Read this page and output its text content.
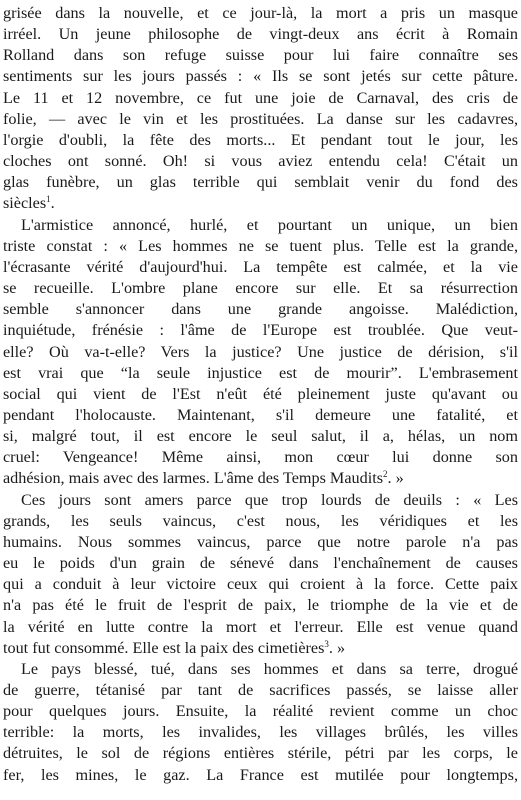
grisée dans la nouvelle, et ce jour-là, la mort a pris un masque
irréel. Un jeune philosophe de vingt-deux ans écrit à Romain
Rolland dans son refuge suisse pour lui faire connaître ses
sentiments sur les jours passés : « Ils se sont jetés sur cette pâture.
Le 11 et 12 novembre, ce fut une joie de Carnaval, des cris de
folie, — avec le vin et les prostituées. La danse sur les cadavres,
l'orgie d'oubli, la fête des morts... Et pendant tout le jour, les
cloches ont sonné. Oh! si vous aviez entendu cela! C'était un
glas funèbre, un glas terrible qui semblait venir du fond des
siècles$^1$.
L'armistice annoncé, hurlé, et pourtant un unique, un bien
triste constat : « Les hommes ne se tuent plus. Telle est la grande,
l'écrasante vérité d'aujourd'hui. La tempête est calmée, et la vie
se recueille. L'ombre plane encore sur elle. Et sa résurrection
semble s'annoncer dans une grande angoisse. Malédiction,
inquiétude, frénésie : l'âme de l'Europe est troublée. Que veut-
elle? Où va-t-elle? Vers la justice? Une justice de dérision, s'il
est vrai que “la seule injustice est de mourir”. L'embrasement
social qui vient de l'Est n'eût été pleinement juste qu'avant ou
pendant l'holocauste. Maintenant, s'il demeure une fatalité, et
si, malgré tout, il est encore le seul salut, il a, hélas, un nom
cruel: Vengeance! Même ainsi, mon cœur lui donne son
adhésion, mais avec des larmes. L'âme des Temps Maudits$^2$. »
Ces jours sont amers parce que trop lourds de deuils : « Les
grands, les seuls vaincus, c'est nous, les véridiques et les
humains. Nous sommes vaincus, parce que notre parole n'a pas
eu le poids d'un grain de sénevé dans l'enchaînement de causes
qui a conduit à leur victoire ceux qui croient à la force. Cette paix
n'a pas été le fruit de l'esprit de paix, le triomphe de la vie et de
la vérité en lutte contre la mort et l'erreur. Elle est venue quand
tout fut consommé. Elle est la paix des cimetières$^3$. »
Le pays blessé, tué, dans ses hommes et dans sa terre, drogué
de guerre, tétanisé par tant de sacrifices passés, se laisse aller
pour quelques jours. Ensuite, la réalité revient comme un choc
terrible: la morts, les invalides, les villages brûlés, les villes
détruites, le sol de régions entières stérile, pétri par les corps, le
fer, les mines, le gaz. La France est mutilée pour longtemps,
